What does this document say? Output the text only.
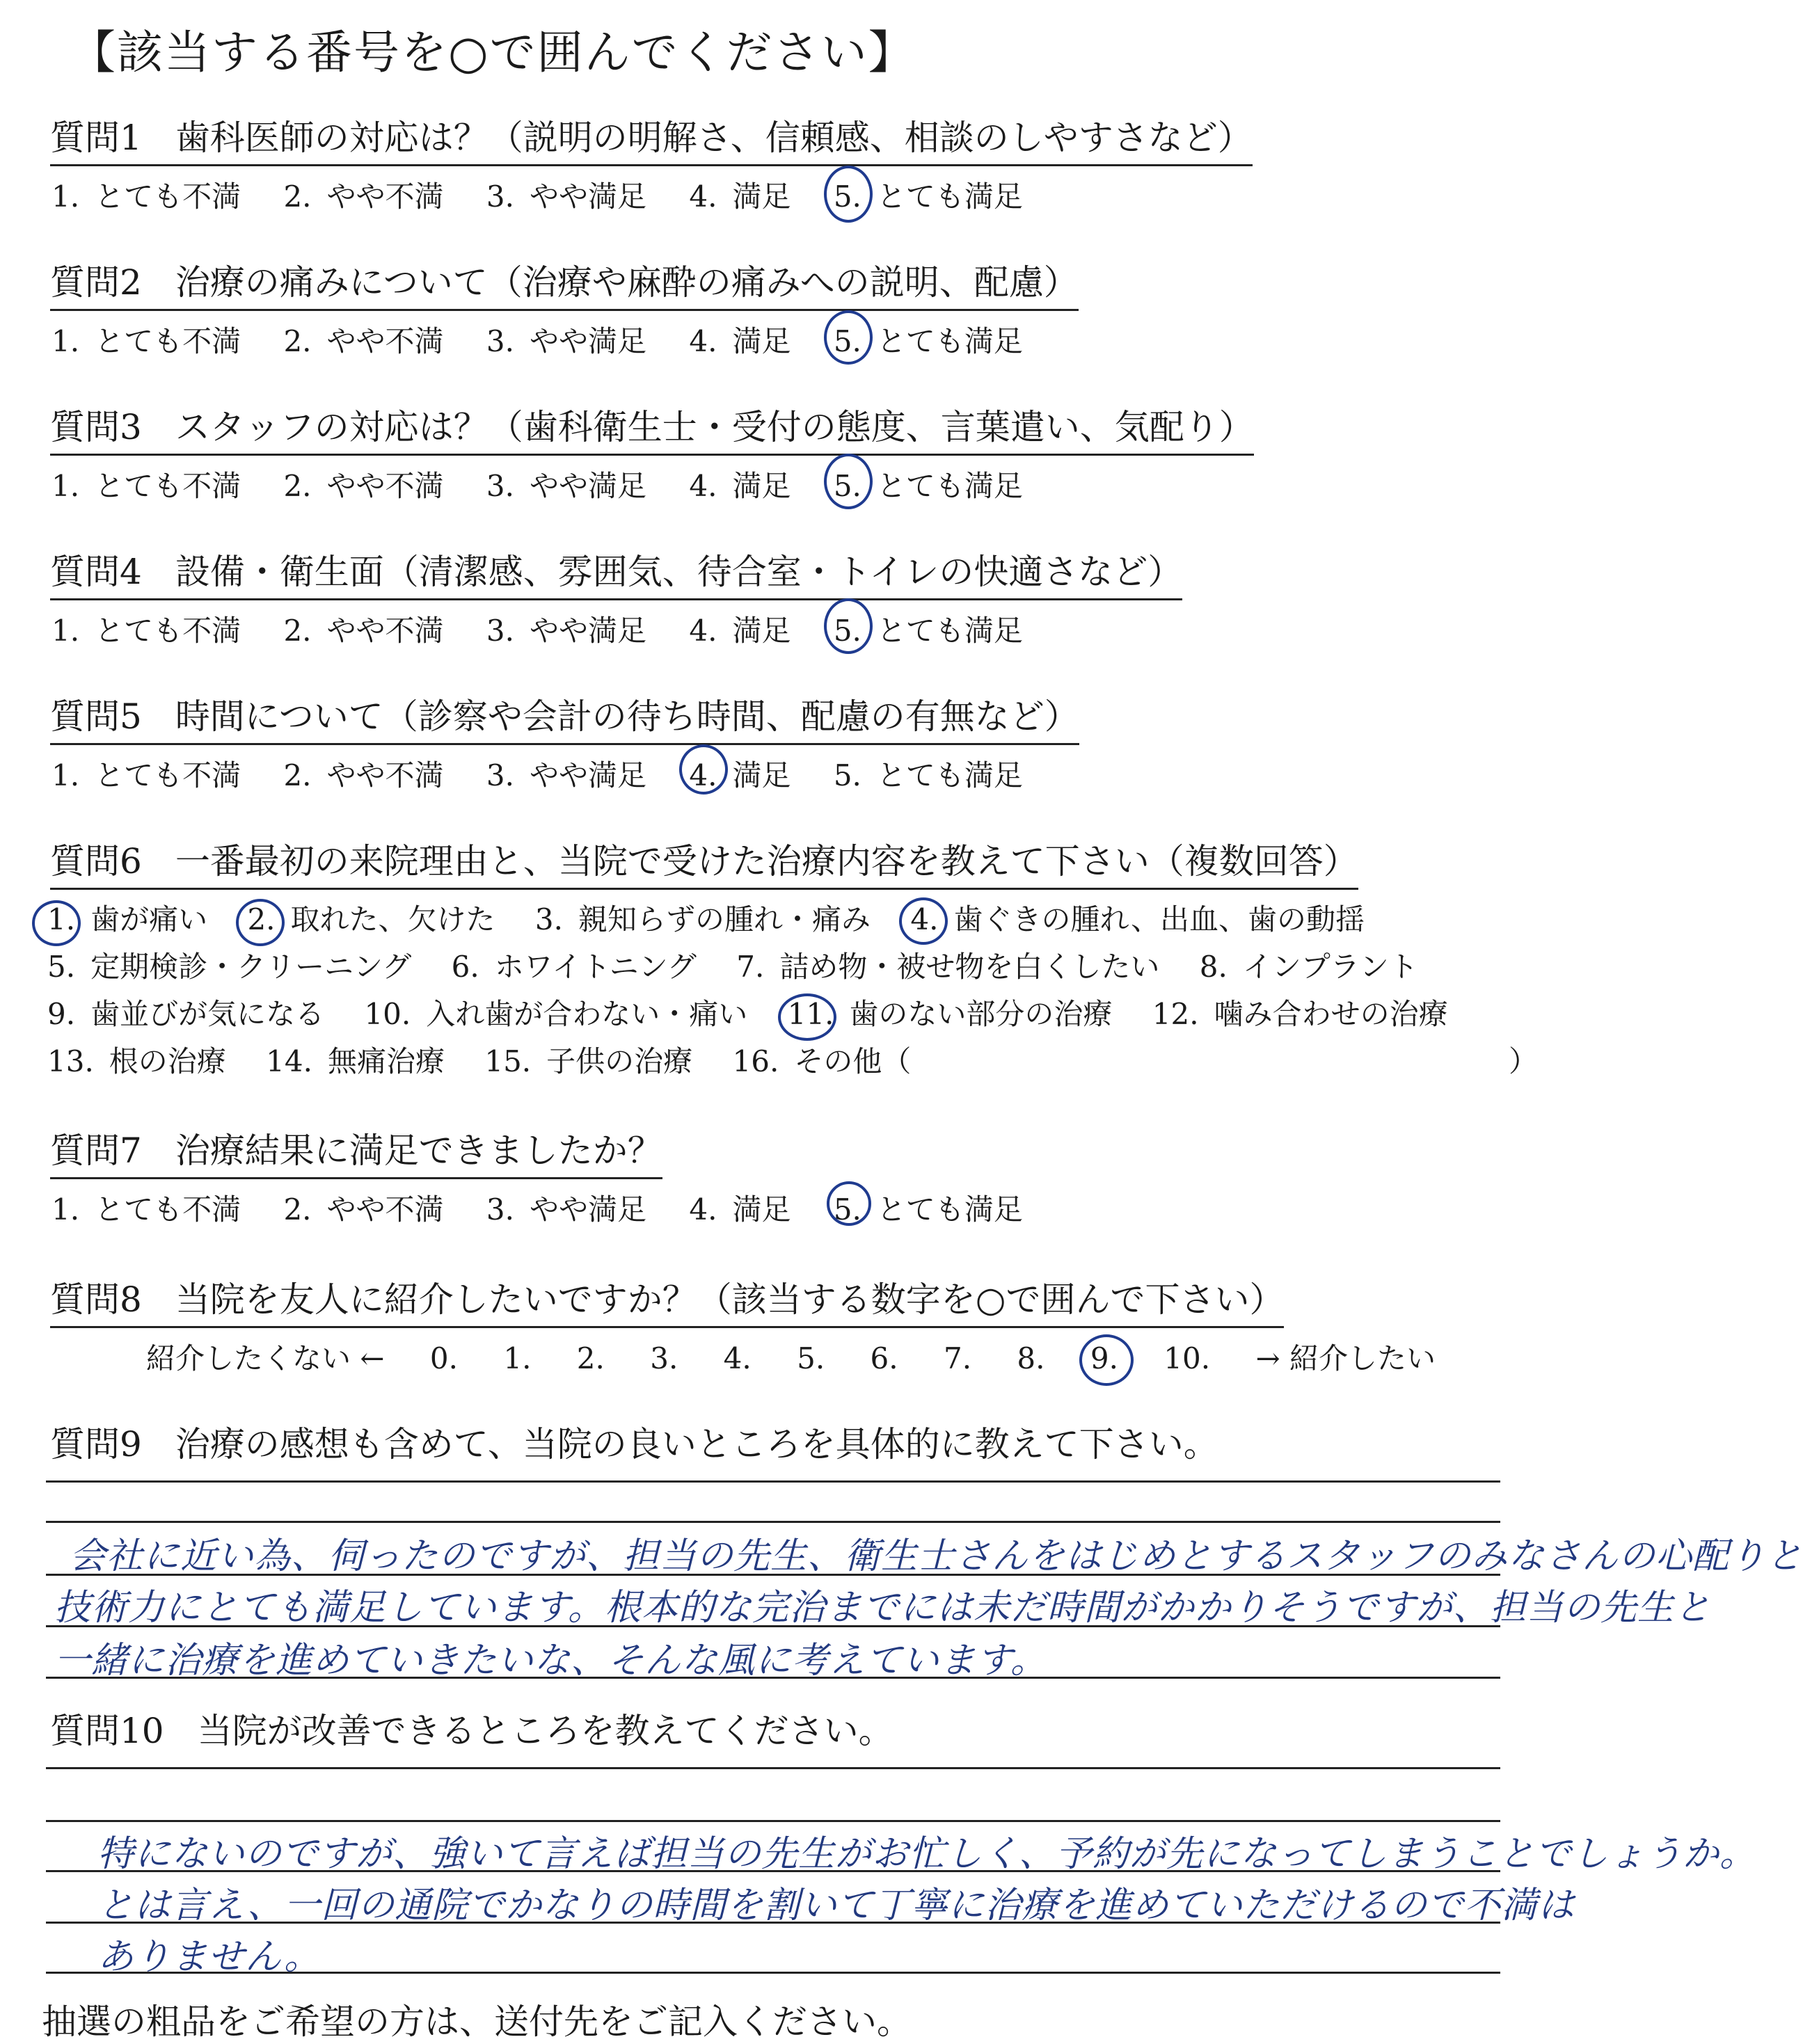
【該当する番号を○で囲んでください】
質問1 歯科医師の対応は？（説明の明解さ、信頼感、相談のしやすさなど）
1. とても不満 2. やや不満 3. やや満足 4. 満足 5. とても満足
質問2 治療の痛みについて（治療や麻酔の痛みへの説明、配慮）
1. とても不満 2. やや不満 3. やや満足 4. 満足 5. とても満足
質問3 スタッフの対応は？（歯科衛生士・受付の態度、言葉遣い、気配り）
1. とても不満 2. やや不満 3. やや満足 4. 満足 5. とても満足
質問4 設備・衛生面（清潔感、雰囲気、待合室・トイレの快適さなど）
1. とても不満 2. やや不満 3. やや満足 4. 満足 5. とても満足
質問5 時間について（診察や会計の待ち時間、配慮の有無など）
1. とても不満 2. やや不満 3. やや満足 4. 満足 5. とても満足
質問6 一番最初の来院理由と、当院で受けた治療内容を教えて下さい（複数回答）
1. 歯が痛い 2. 取れた、欠けた 3. 親知らずの腫れ・痛み 4. 歯ぐきの腫れ、出血、歯の動揺
5. 定期検診・クリーニング 6. ホワイトニング 7. 詰め物・被せ物を白くしたい 8. インプラント
9. 歯並びが気になる 10. 入れ歯が合わない・痛い 11. 歯のない部分の治療 12. 噛み合わせの治療
13. 根の治療 14. 無痛治療 15. 子供の治療 16. その他（	）
質問7 治療結果に満足できましたか？
1. とても不満 2. やや不満 3. やや満足 4. 満足 5. とても満足
質問8 当院を友人に紹介したいですか？（該当する数字を○で囲んで下さい）
紹介したくない ← 0. 1. 2. 3. 4. 5. 6. 7. 8. 9. 10. → 紹介したい
質問9 治療の感想も含めて、当院の良いところを具体的に教えて下さい。
会社に近い為、伺ったのですが、担当の先生、衛生士さんをはじめとするスタッフのみなさんの心配りと
技術力にとても満足しています。根本的な完治までには未だ時間がかかりそうですが、担当の先生と
一緒に治療を進めていきたいな、そんな風に考えています。
質問10 当院が改善できるところを教えてください。
特にないのですが、強いて言えば担当の先生がお忙しく、予約が先になってしまうことでしょうか。
とは言え、一回の通院でかなりの時間を割いて丁寧に治療を進めていただけるので不満は
ありません。
抽選の粗品をご希望の方は、送付先をご記入ください。
